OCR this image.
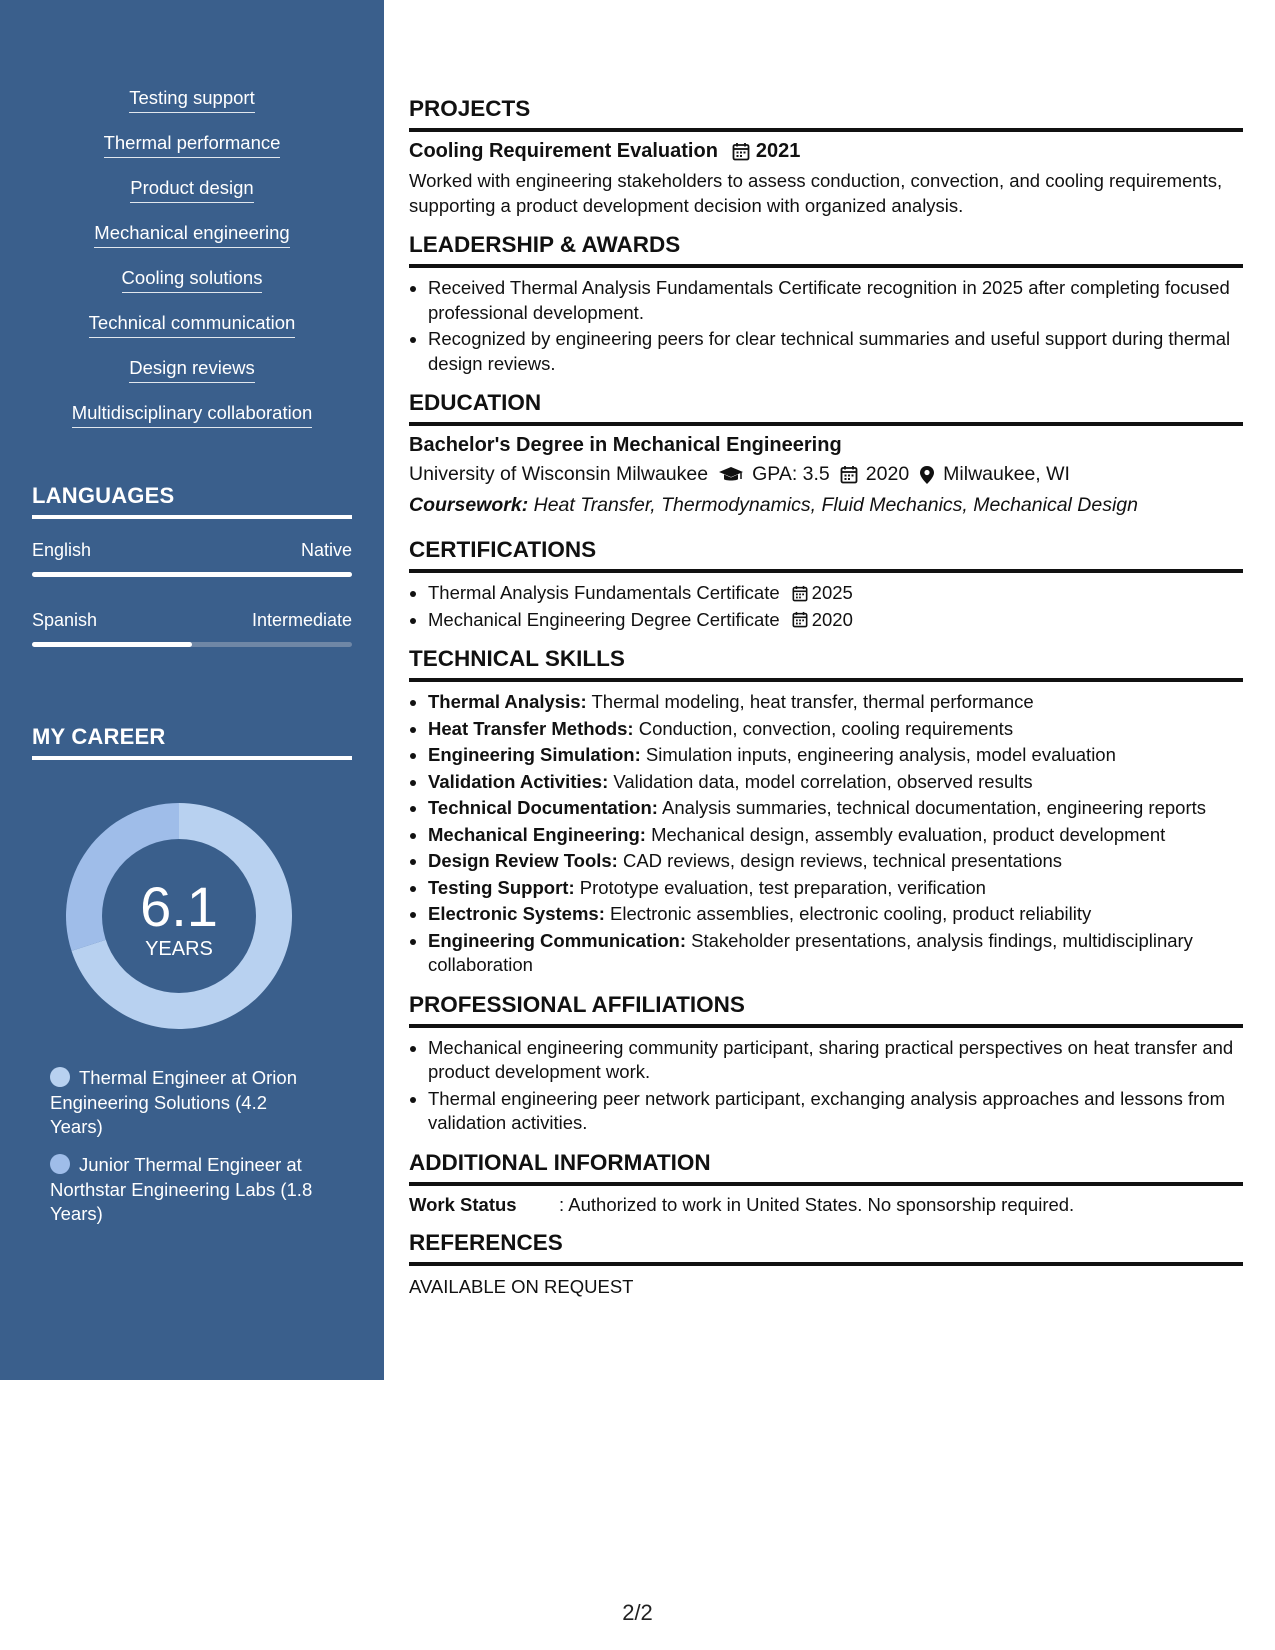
Testing support
Thermal performance
Product design
Mechanical engineering
Cooling solutions
Technical communication
Design reviews
Multidisciplinary collaboration
LANGUAGES
English	Native
Spanish	Intermediate
MY CAREER
6.1
YEARS
Thermal Engineer at Orion Engineering Solutions (4.2 Years)
Junior Thermal Engineer at Northstar Engineering Labs (1.8 Years)
PROJECTS
Cooling Requirement Evaluation 2021
Worked with engineering stakeholders to assess conduction, convection, and cooling requirements, supporting a product development decision with organized analysis.
LEADERSHIP & AWARDS
• Received Thermal Analysis Fundamentals Certificate recognition in 2025 after completing focused professional development.
• Recognized by engineering peers for clear technical summaries and useful support during thermal design reviews.
EDUCATION
Bachelor's Degree in Mechanical Engineering
University of Wisconsin Milwaukee GPA: 3.5 2020 Milwaukee, WI
Coursework: Heat Transfer, Thermodynamics, Fluid Mechanics, Mechanical Design
CERTIFICATIONS
• Thermal Analysis Fundamentals Certificate 2025
• Mechanical Engineering Degree Certificate 2020
TECHNICAL SKILLS
• Thermal Analysis: Thermal modeling, heat transfer, thermal performance
• Heat Transfer Methods: Conduction, convection, cooling requirements
• Engineering Simulation: Simulation inputs, engineering analysis, model evaluation
• Validation Activities: Validation data, model correlation, observed results
• Technical Documentation: Analysis summaries, technical documentation, engineering reports
• Mechanical Engineering: Mechanical design, assembly evaluation, product development
• Design Review Tools: CAD reviews, design reviews, technical presentations
• Testing Support: Prototype evaluation, test preparation, verification
• Electronic Systems: Electronic assemblies, electronic cooling, product reliability
• Engineering Communication: Stakeholder presentations, analysis findings, multidisciplinary collaboration
PROFESSIONAL AFFILIATIONS
• Mechanical engineering community participant, sharing practical perspectives on heat transfer and product development work.
• Thermal engineering peer network participant, exchanging analysis approaches and lessons from validation activities.
ADDITIONAL INFORMATION
Work Status	: Authorized to work in United States. No sponsorship required.
REFERENCES
AVAILABLE ON REQUEST
2/2
